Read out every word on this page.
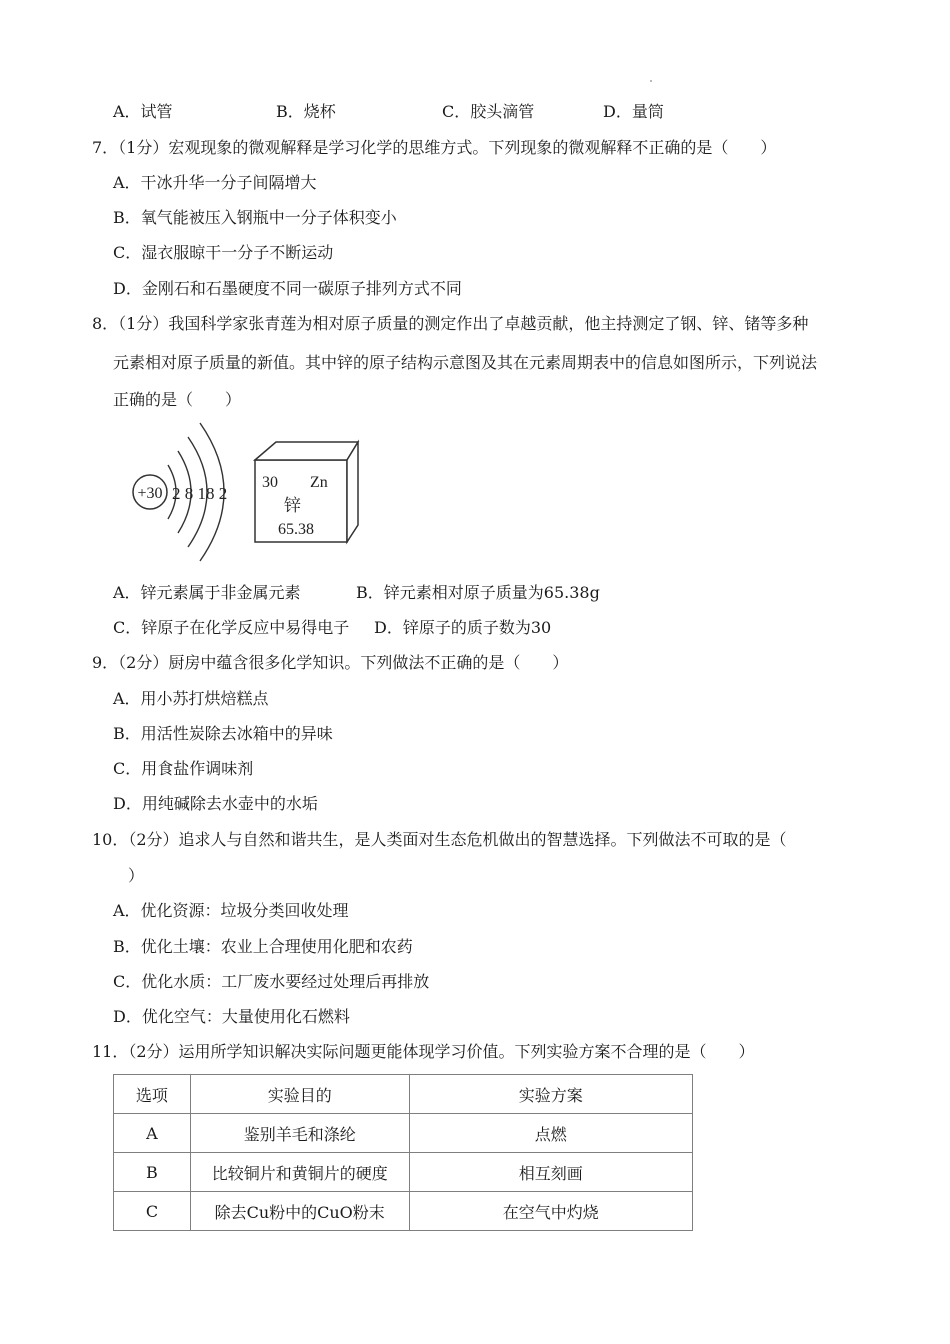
A．试管	B．烧杯	C．胶头滴管	D．量筒
7．（1分）宏观现象的微观解释是学习化学的思维方式。下列现象的微观解释不正确的是（　　）
A．干冰升华一分子间隔增大
B．氧气能被压入钢瓶中一分子体积变小
C．湿衣服晾干一分子不断运动
D．金刚石和石墨硬度不同一碳原子排列方式不同
8．（1分）我国科学家张青莲为相对原子质量的测定作出了卓越贡献，他主持测定了钢、锌、锗等多种
元素相对原子质量的新值。其中锌的原子结构示意图及其在元素周期表中的信息如图所示，下列说法
正确的是（　　）
+30 2 8 18 2
30 Zn
锌
65.38
A．锌元素属于非金属元素	B．锌元素相对原子质量为65.38g
C．锌原子在化学反应中易得电子 D．锌原子的质子数为30
9．（2分）厨房中蕴含很多化学知识。下列做法不正确的是（　　）
A．用小苏打烘焙糕点
B．用活性炭除去冰箱中的异味
C．用食盐作调味剂
D．用纯碱除去水壶中的水垢
10．（2分）追求人与自然和谐共生，是人类面对生态危机做出的智慧选择。下列做法不可取的是（
）
A．优化资源：垃圾分类回收处理
B．优化土壤：农业上合理使用化肥和农药
C．优化水质：工厂废水要经过处理后再排放
D．优化空气：大量使用化石燃料
11．（2分）运用所学知识解决实际问题更能体现学习价值。下列实验方案不合理的是（　　）
选项	实验目的	实验方案
A	鉴别羊毛和涤纶	点燃
B	比较铜片和黄铜片的硬度	相互刻画
C	除去Cu粉中的CuO粉末	在空气中灼烧
